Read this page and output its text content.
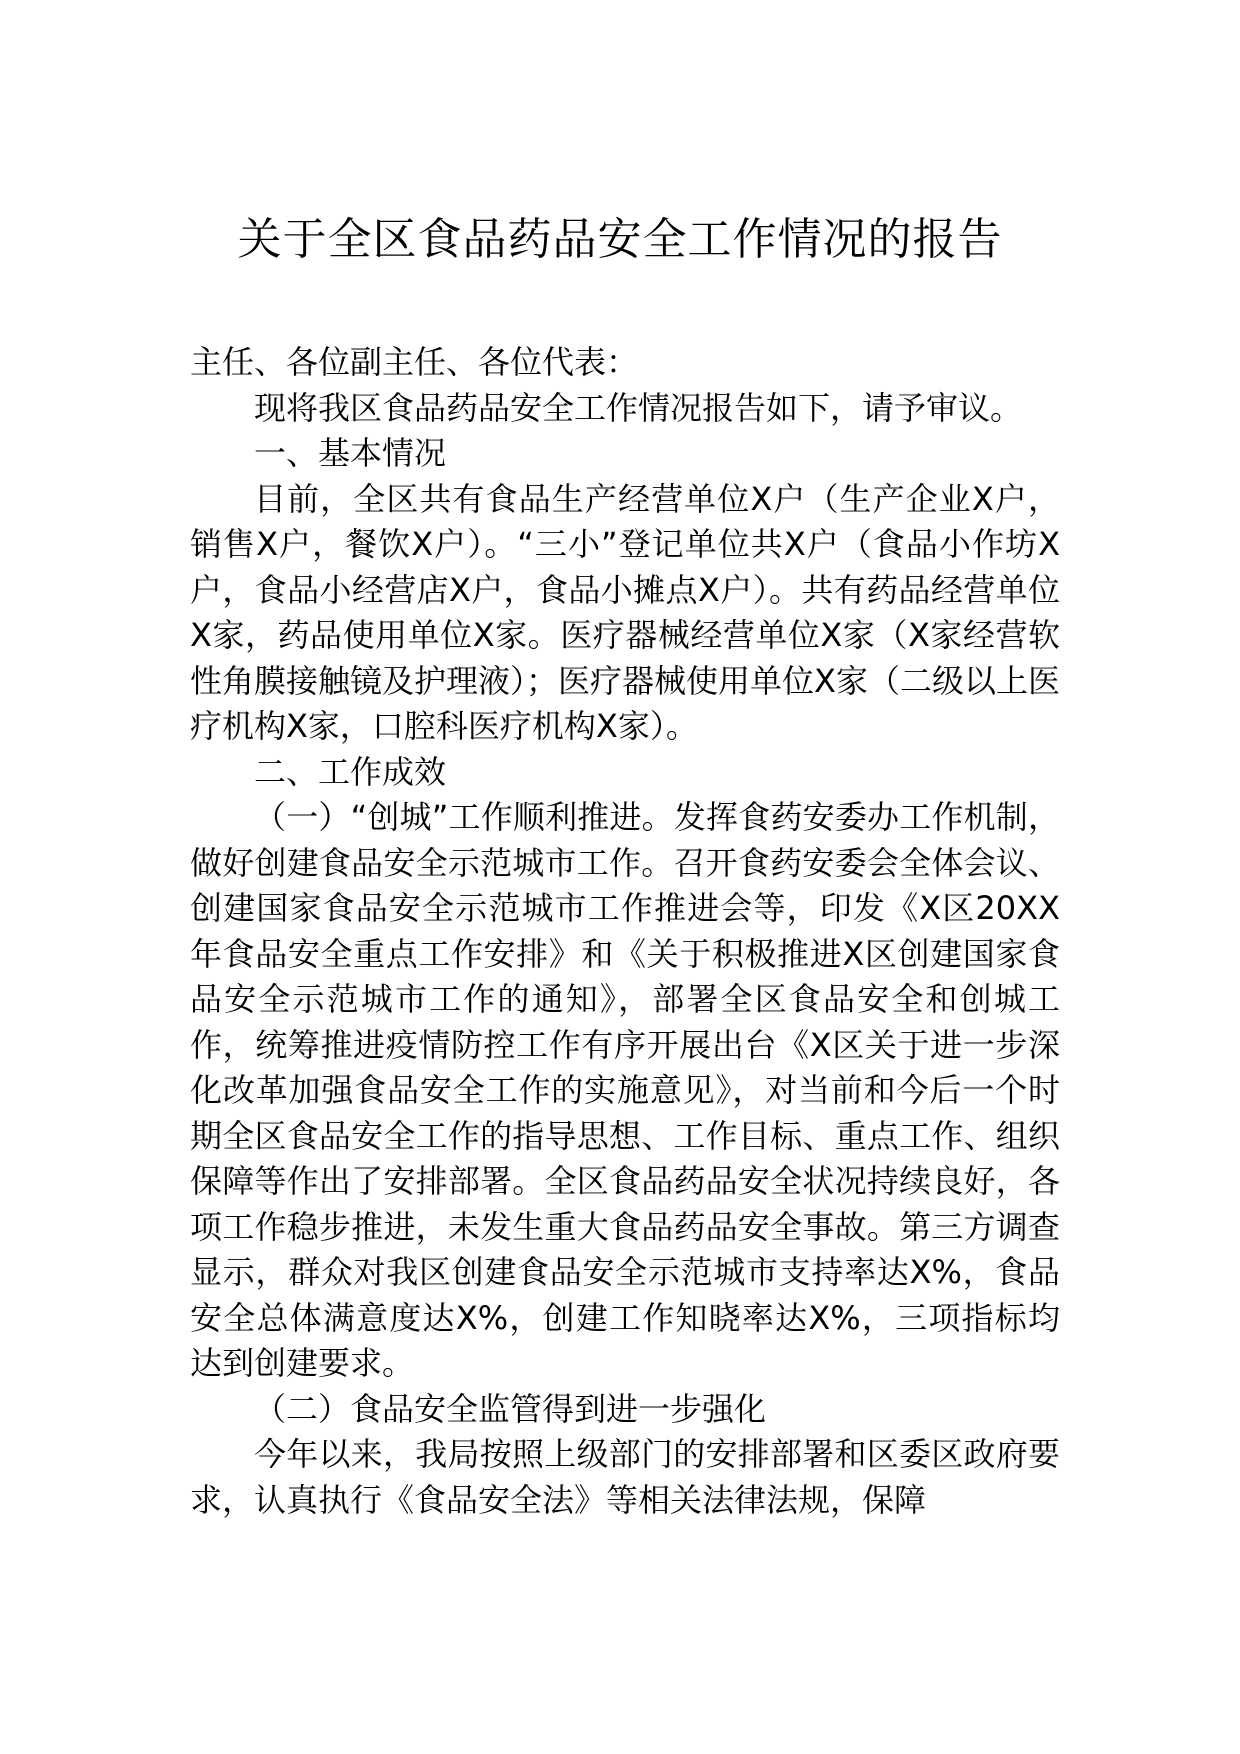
关于全区食品药品安全工作情况的报告

主任、各位副主任、各位代表：

现将我区食品药品安全工作情况报告如下，请予审议。

一、基本情况

目前，全区共有食品生产经营单位X户（生产企业X户，销售X户，餐饮X户）。“三小”登记单位共X户（食品小作坊X户，食品小经营店X户，食品小摊点X户）。共有药品经营单位X家，药品使用单位X家。医疗器械经营单位X家（X家经营软性角膜接触镜及护理液）；医疗器械使用单位X家（二级以上医疗机构X家，口腔科医疗机构X家）。

二、工作成效

（一）“创城”工作顺利推进。发挥食药安委办工作机制，做好创建食品安全示范城市工作。召开食药安委会全体会议、创建国家食品安全示范城市工作推进会等，印发《X区20XX年食品安全重点工作安排》和《关于积极推进X区创建国家食品安全示范城市工作的通知》，部署全区食品安全和创城工作，统筹推进疫情防控工作有序开展出台《X区关于进一步深化改革加强食品安全工作的实施意见》，对当前和今后一个时期全区食品安全工作的指导思想、工作目标、重点工作、组织保障等作出了安排部署。全区食品药品安全状况持续良好，各项工作稳步推进，未发生重大食品药品安全事故。第三方调查显示，群众对我区创建食品安全示范城市支持率达X%，食品安全总体满意度达X%，创建工作知晓率达X%，三项指标均达到创建要求。

（二）食品安全监管得到进一步强化

今年以来，我局按照上级部门的安排部署和区委区政府要求，认真执行《食品安全法》等相关法律法规，保障
